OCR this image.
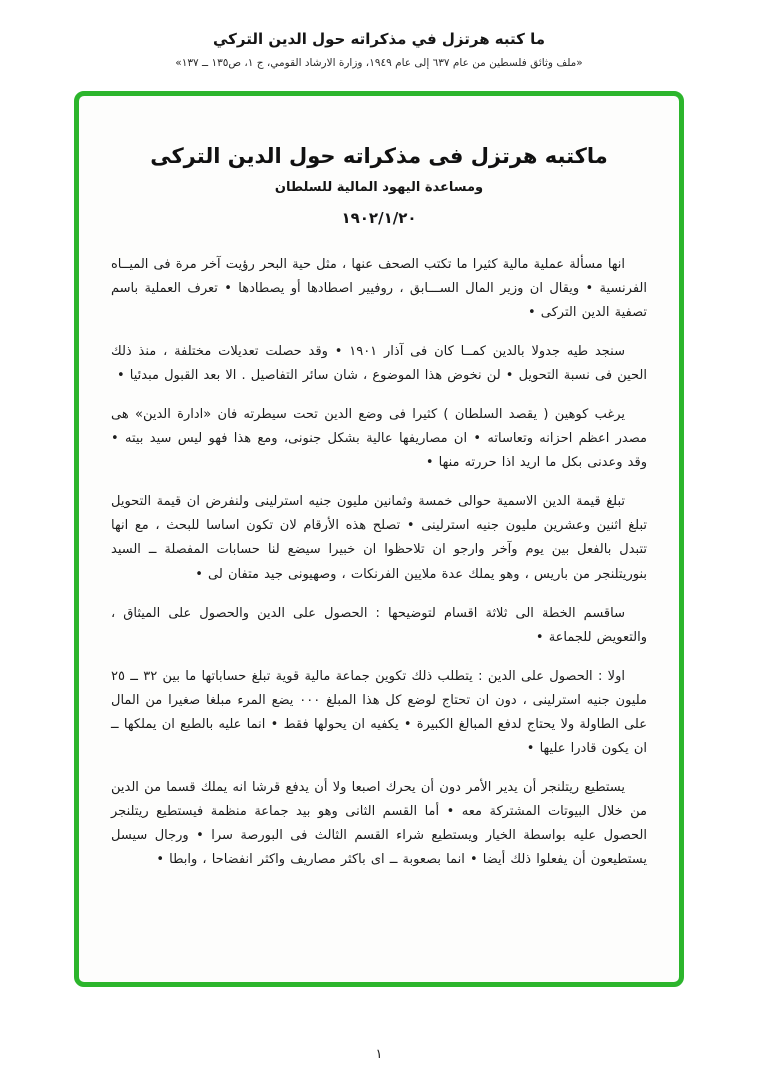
ما كتبه هرتزل في مذكراته حول الدين التركي
«ملف وثائق فلسطين من عام ٦٣٧ إلى عام ١٩٤٩، وزارة الارشاد القومي، ج ١، ص١٣٥ ــ ١٣٧»
ماكتبه هرتزل فى مذكراته حول الدين التركى
ومساعدة اليهود المالية للسلطان
١٩٠٢/١/٢٠

انها مسألة عملية مالية كثيرا ما تكتب الصحف عنها ، مثل حية البحر رؤيت آخر مرة فى الميــاه الفرنسية • ويقال ان وزير المال الســـابق ، روفيير اصطادها أو يصطادها • تعرف العملية باسم تصفية الدين التركى •

سنجد طيه جدولا بالدين كمــا كان فى آذار ١٩٠١ • وقد حصلت تعديلات مختلفة ، منذ ذلك الحين فى نسبة التحويل • لن نخوض هذا الموضوع ، شان سائر التفاصيل . الا بعد القبول مبدئيا •

يرغب كوهين ( يقصد السلطان ) كثيرا فى وضع الدين تحت سيطرته فان «ادارة الدين» هى مصدر اعظم احزانه وتعاساته • ان مصاريفها عالية بشكل جنونى، ومع هذا فهو ليس سيد بيته • وقد وعدنى بكل ما اريد اذا حررته منها •

تبلغ قيمة الدين الاسمية حوالى خمسة وثمانين مليون جنيه استرلينى ولنفرض ان قيمة التحويل تبلغ اثنين وعشرين مليون جنيه استرلينى • تصلح هذه الأرقام لان تكون اساسا للبحث ، مع انها تتبدل بالفعل بين يوم وآخر وارجو ان تلاحظوا ان خبيرا سيضع لنا حسابات المفصلة ــ السيد بنوريتلنجر من باريس ، وهو يملك عدة ملايين الفرنكات ، وصهيونى جيد متفان لى •

ساقسم الخطة الى ثلاثة اقسام لتوضيحها : الحصول على الدين والحصول على الميثاق ، والتعويض للجماعة •

اولا : الحصول على الدين : يتطلب ذلك تكوين جماعة مالية قوية تبلغ حساباتها ما بين ٣٢ ــ ٢٥ مليون جنيه استرلينى ، دون ان تحتاج لوضع كل هذا المبلغ ٠٠٠ يضع المرء مبلغا صغيرا من المال على الطاولة ولا يحتاج لدفع المبالغ الكبيرة • يكفيه ان يحولها فقط • انما عليه بالطبع ان يملكها ــ ان يكون قادرا عليها •

يستطيع ريتلنجر أن يدير الأمر دون أن يحرك اصبعا ولا أن يدفع قرشا انه يملك قسما من الدين من خلال البيوتات المشتركة معه • أما القسم الثانى وهو بيد جماعة منظمة فيستطيع ريتلنجر الحصول عليه بواسطة الخيار ويستطيع شراء القسم الثالث فى البورصة سرا • ورجال سيسل يستطيعون أن يفعلوا ذلك أيضا • انما بصعوبة ــ اى باكثر مصاريف واكثر انفضاحا ، وابطا •

١
